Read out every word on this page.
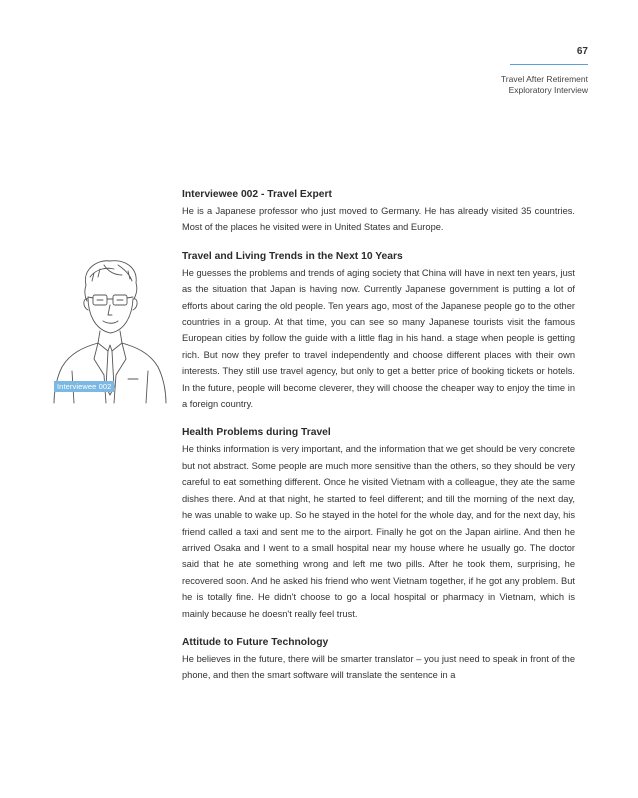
67
Travel After Retirement
Exploratory Interview
Interviewee 002
Interviewee 002 - Travel Expert

He is a Japanese professor who just moved to Germany. He has already visited 35 countries. Most of the places he visited were in United States and Europe.

Travel and Living Trends in the Next 10 Years

He guesses the problems and trends of aging society that China will have in next ten years, just as the situation that Japan is having now. Currently Japanese government is putting a lot of efforts about caring the old people. Ten years ago, most of the Japanese people go to the other countries in a group. At that time, you can see so many Japanese tourists visit the famous European cities by follow the guide with a little flag in his hand. a stage when people is getting rich. But now they prefer to travel independently and choose different places with their own interests. They still use travel agency, but only to get a better price of booking tickets or hotels. In the future, people will become cleverer, they will choose the cheaper way to enjoy the time in a foreign country.

Health Problems during Travel

He thinks information is very important, and the information that we get should be very concrete but not abstract. Some people are much more sensitive than the others, so they should be very careful to eat something different. Once he visited Vietnam with a colleague, they ate the same dishes there. And at that night, he started to feel different; and till the morning of the next day, he was unable to wake up. So he stayed in the hotel for the whole day, and for the next day, his friend called a taxi and sent me to the airport. Finally he got on the Japan airline. And then he arrived Osaka and I went to a small hospital near my house where he usually go. The doctor said that he ate something wrong and left me two pills. After he took them, surprising, he recovered soon. And he asked his friend who went Vietnam together, if he got any problem. But he is totally fine. He didn't choose to go a local hospital or pharmacy in Vietnam, which is mainly because he doesn't really feel trust.

Attitude to Future Technology

He believes in the future, there will be smarter translator – you just need to speak in front of the phone, and then the smart software will translate the sentence in a
